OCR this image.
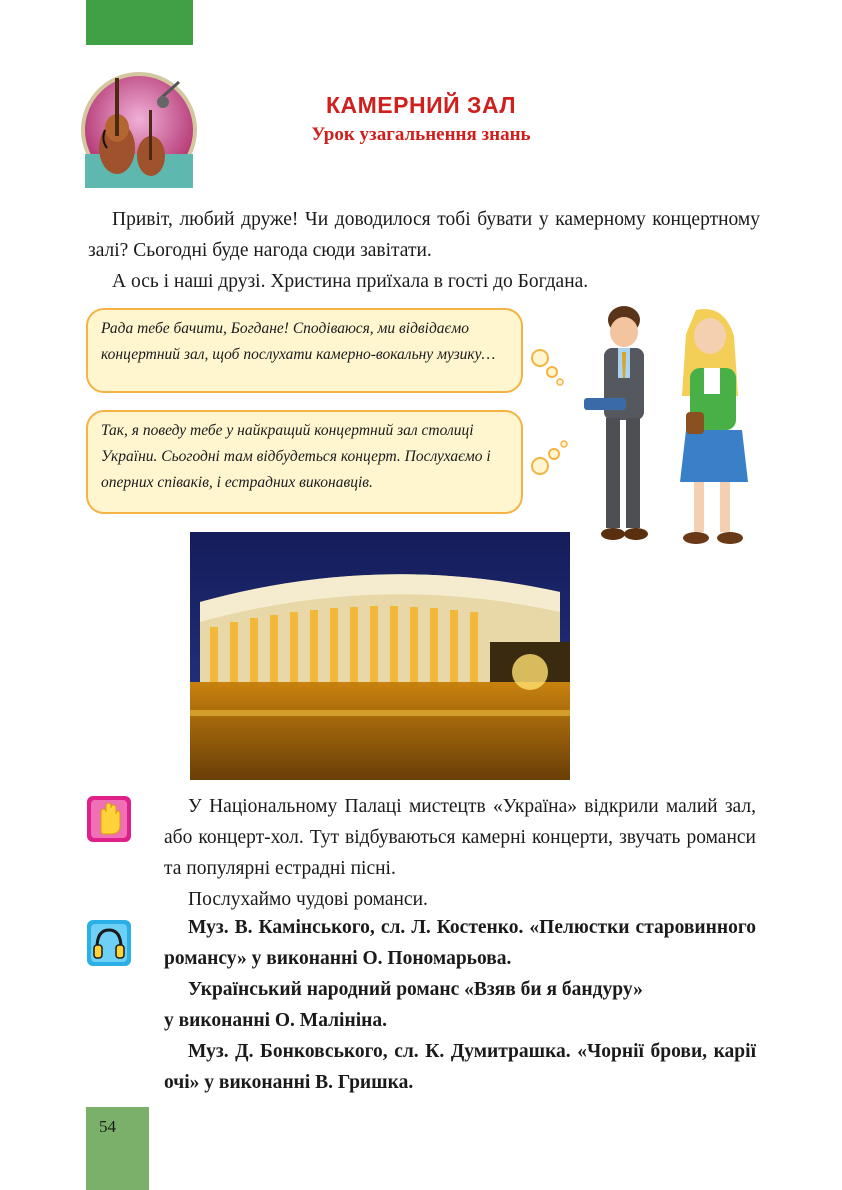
КАМЕРНИЙ ЗАЛ
Урок узагальнення знань

Привіт, любий друже! Чи доводилося тобі бувати у камерному концертному залі? Сьогодні буде нагода сюди завітати.

А ось і наші друзі. Христина приїхала в гості до Богдана.

Рада тебе бачити, Богдане! Сподіваюся, ми відвідаємо концертний зал, щоб послухати камерно-вокальну музику…
Так, я поведу тебе у найкращий концертний зал столиці України. Сьогодні там відбудеться концерт. Послухаємо і оперних співаків, і естрадних виконавців.

У Національному Палаці мистецтв «Україна» відкрили малий зал, або концерт-хол. Тут відбуваються камерні концерти, звучать романси та популярні естрадні пісні.

Послухаймо чудові романси.

Муз. В. Камінського, сл. Л. Костенко. «Пелюстки старовинного романсу» у виконанні О. Пономарьова.

Український народний романс «Взяв би я бандуру»

у виконанні О. Малініна.

Муз. Д. Бонковського, сл. К. Думитрашка. «Чорнії брови, карії очі» у виконанні В. Гришка.

54
